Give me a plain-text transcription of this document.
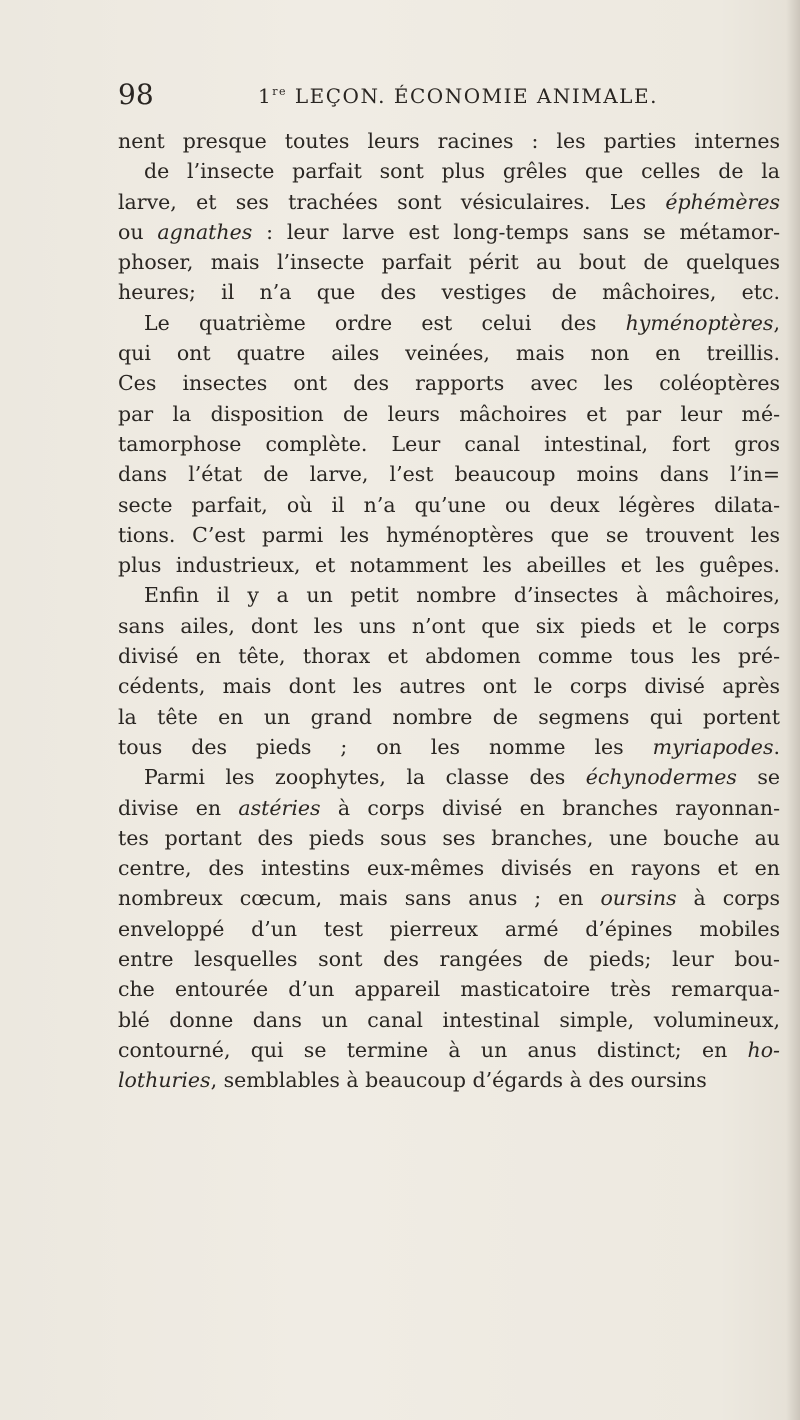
98	1re LEÇON. ÉCONOMIE ANIMALE.
nent presque toutes leurs racines : les parties internes
de l’insecte parfait sont plus grêles que celles de la
larve, et ses trachées sont vésiculaires. Les éphémères
ou agnathes : leur larve est long-temps sans se métamor-
phoser, mais l’insecte parfait périt au bout de quelques
heures; il n’a que des vestiges de mâchoires, etc.
Le quatrième ordre est celui des hyménoptères,
qui ont quatre ailes veinées, mais non en treillis.
Ces insectes ont des rapports avec les coléoptères
par la disposition de leurs mâchoires et par leur mé-
tamorphose complète. Leur canal intestinal, fort gros
dans l’état de larve, l’est beaucoup moins dans l’in=
secte parfait, où il n’a qu’une ou deux légères dilata-
tions. C’est parmi les hyménoptères que se trouvent les
plus industrieux, et notamment les abeilles et les guêpes.
Enfin il y a un petit nombre d’insectes à mâchoires,
sans ailes, dont les uns n’ont que six pieds et le corps
divisé en tête, thorax et abdomen comme tous les pré-
cédents, mais dont les autres ont le corps divisé après
la tête en un grand nombre de segmens qui portent
tous des pieds ; on les nomme les myriapodes.
Parmi les zoophytes, la classe des échynodermes se
divise en astéries à corps divisé en branches rayonnan-
tes portant des pieds sous ses branches, une bouche au
centre, des intestins eux-mêmes divisés en rayons et en
nombreux cœcum, mais sans anus ; en oursins à corps
enveloppé d’un test pierreux armé d’épines mobiles
entre lesquelles sont des rangées de pieds; leur bou-
che entourée d’un appareil masticatoire très remarqua-
blé donne dans un canal intestinal simple, volumineux,
contourné, qui se termine à un anus distinct; en ho-
lothuries, semblables à beaucoup d’égards à des oursins
